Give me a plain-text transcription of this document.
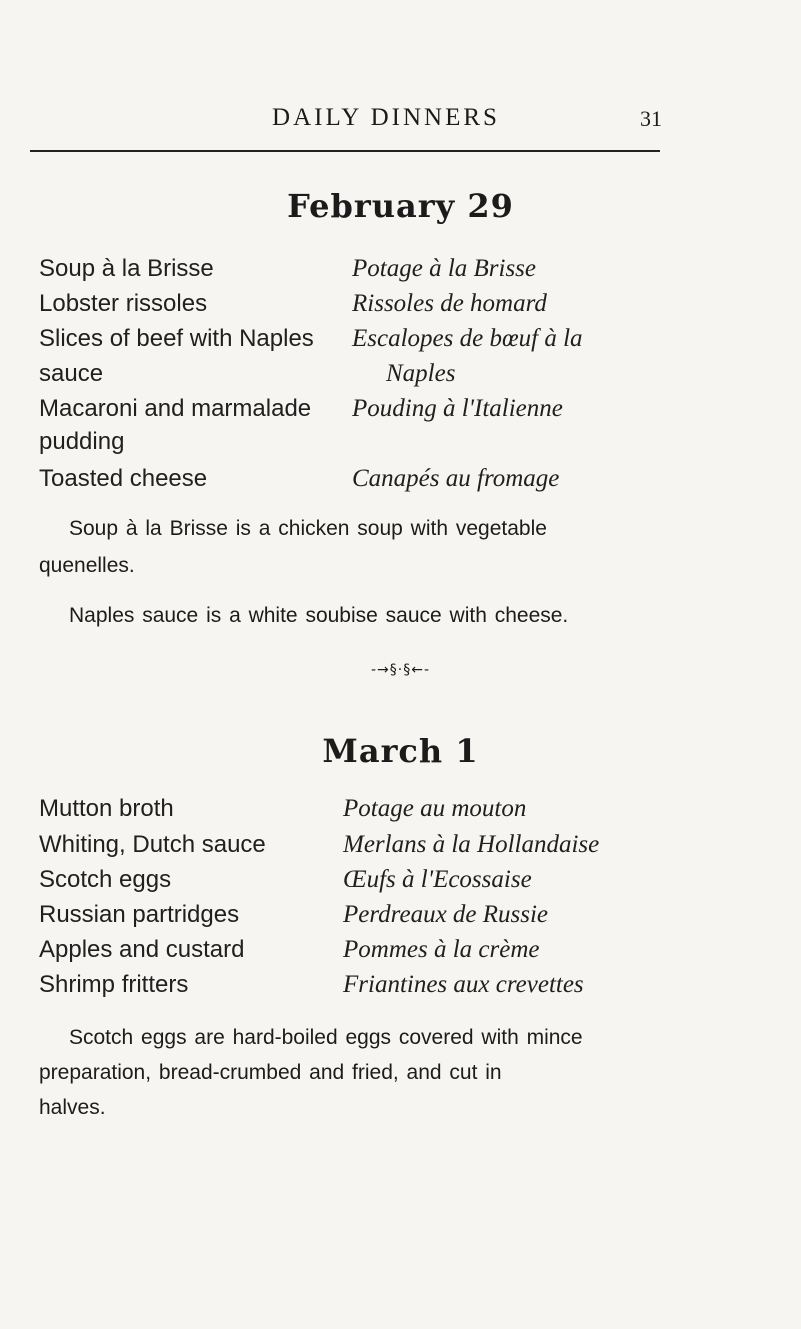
DAILY DINNERS	31
February 29
Soup à la Brisse
Lobster rissoles
Slices of beef with Naples
sauce
Macaroni and marmalade
pudding
Toasted cheese
Potage à la Brisse
Rissoles de homard
Escalopes de bœuf à la
Naples
Pouding à l'Italienne
Canapés au fromage
Soup à la Brisse is a chicken soup with vegetable
quenelles.
Naples sauce is a white soubise sauce with cheese.
-→§·§←-
March 1
Mutton broth
Whiting, Dutch sauce
Scotch eggs
Russian partridges
Apples and custard
Shrimp fritters
Potage au mouton
Merlans à la Hollandaise
Œufs à l'Ecossaise
Perdreaux de Russie
Pommes à la crème
Friantines aux crevettes
Scotch eggs are hard-boiled eggs covered with mince
preparation, bread-crumbed and fried, and cut in
halves.
